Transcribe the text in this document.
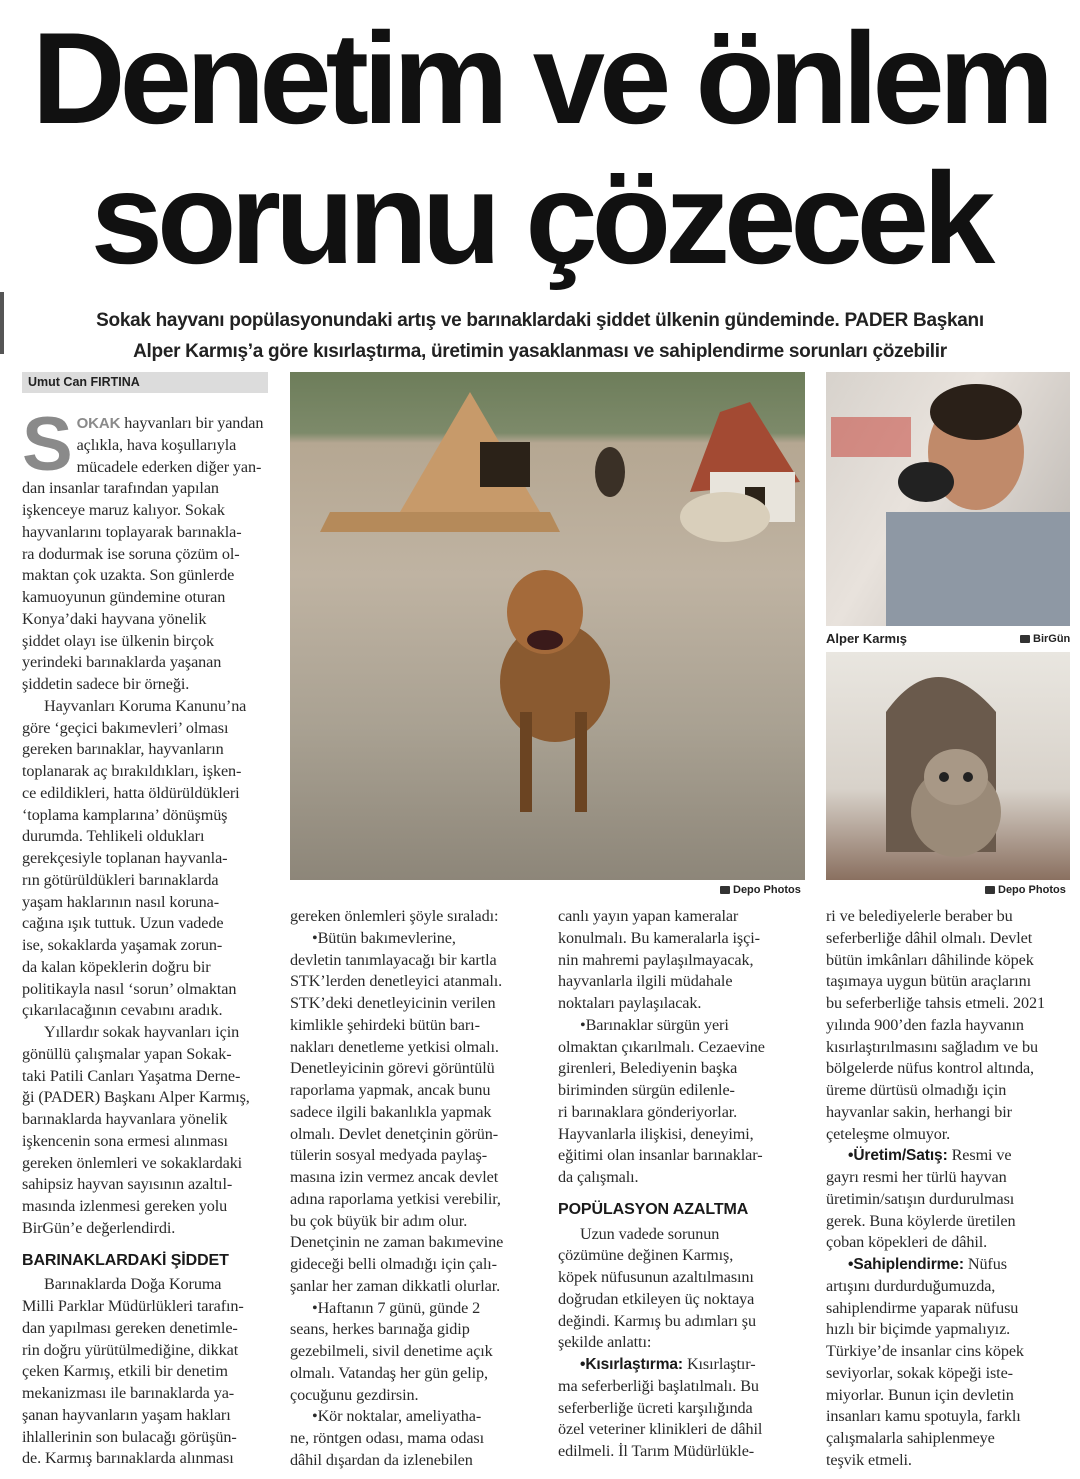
Denetim ve önlem
sorunu çözecek
Sokak hayvanı popülasyonundaki artış ve barınaklardaki şiddet ülkenin gündeminde. PADER Başkanı
Alper Karmış’a göre kısırlaştırma, üretimin yasaklanması ve sahiplendirme sorunları çözebilir
Umut Can FIRTINA
Depo Photos
Alper Karmış	BirGün
Depo Photos
S OKAK hayvanları bir yandan
açlıkla, hava koşullarıyla
mücadele ederken diğer yan-
dan insanlar tarafından yapılan
işkenceye maruz kalıyor. Sokak
hayvanlarını toplayarak barınakla-
ra dodurmak ise soruna çözüm ol-
maktan çok uzakta. Son günlerde
kamuoyunun gündemine oturan
Konya’daki hayvana yönelik
şiddet olayı ise ülkenin birçok
yerindeki barınaklarda yaşanan
şiddetin sadece bir örneği.
Hayvanları Koruma Kanunu’na
göre ‘geçici bakımevleri’ olması
gereken barınaklar, hayvanların
toplanarak aç bırakıldıkları, işken-
ce edildikleri, hatta öldürüldükleri
‘toplama kamplarına’ dönüşmüş
durumda. Tehlikeli oldukları
gerekçesiyle toplanan hayvanla-
rın götürüldükleri barınaklarda
yaşam haklarının nasıl koruna-
cağına ışık tuttuk. Uzun vadede
ise, sokaklarda yaşamak zorun-
da kalan köpeklerin doğru bir
politikayla nasıl ‘sorun’ olmaktan
çıkarılacağının cevabını aradık.
Yıllardır sokak hayvanları için
gönüllü çalışmalar yapan Sokak-
taki Patili Canları Yaşatma Derne-
ği (PADER) Başkanı Alper Karmış,
barınaklarda hayvanlara yönelik
işkencenin sona ermesi alınması
gereken önlemleri ve sokaklardaki
sahipsiz hayvan sayısının azaltıl-
masında izlenmesi gereken yolu
BirGün’e değerlendirdi.
BARINAKLARDAKİ ŞİDDET
Barınaklarda Doğa Koruma
Milli Parklar Müdürlükleri tarafın-
dan yapılması gereken denetimle-
rin doğru yürütülmediğine, dikkat
çeken Karmış, etkili bir denetim
mekanizması ile barınaklarda ya-
şanan hayvanların yaşam hakları
ihlallerinin son bulacağı görüşün-
de. Karmış barınaklarda alınması
gereken önlemleri şöyle sıraladı:
•Bütün bakımevlerine,
devletin tanımlayacağı bir kartla
STK’lerden denetleyici atanmalı.
STK’deki denetleyicinin verilen
kimlikle şehirdeki bütün barı-
nakları denetleme yetkisi olmalı.
Denetleyicinin görevi görüntülü
raporlama yapmak, ancak bunu
sadece ilgili bakanlıkla yapmak
olmalı. Devlet denetçinin görün-
tülerin sosyal medyada paylaş-
masına izin vermez ancak devlet
adına raporlama yetkisi verebilir,
bu çok büyük bir adım olur.
Denetçinin ne zaman bakımevine
gideceği belli olmadığı için çalı-
şanlar her zaman dikkatli olurlar.
•Haftanın 7 günü, günde 2
seans, herkes barınağa gidip
gezebilmeli, sivil denetime açık
olmalı. Vatandaş her gün gelip,
çocuğunu gezdirsin.
•Kör noktalar, ameliyatha-
ne, röntgen odası, mama odası
dâhil dışardan da izlenebilen
canlı yayın yapan kameralar
konulmalı. Bu kameralarla işçi-
nin mahremi paylaşılmayacak,
hayvanlarla ilgili müdahale
noktaları paylaşılacak.
•Barınaklar sürgün yeri
olmaktan çıkarılmalı. Cezaevine
girenleri, Belediyenin başka
biriminden sürgün edilenle-
ri barınaklara gönderiyorlar.
Hayvanlarla ilişkisi, deneyimi,
eğitimi olan insanlar barınaklar-
da çalışmalı.
POPÜLASYON AZALTMA
Uzun vadede sorunun
çözümüne değinen Karmış,
köpek nüfusunun azaltılmasını
doğrudan etkileyen üç noktaya
değindi. Karmış bu adımları şu
şekilde anlattı:
•Kısırlaştırma: Kısırlaştır-
ma seferberliği başlatılmalı. Bu
seferberliğe ücreti karşılığında
özel veteriner klinikleri de dâhil
edilmeli. İl Tarım Müdürlükle-
ri ve belediyelerle beraber bu
seferberliğe dâhil olmalı. Devlet
bütün imkânları dâhilinde köpek
taşımaya uygun bütün araçlarını
bu seferberliğe tahsis etmeli. 2021
yılında 900’den fazla hayvanın
kısırlaştırılmasını sağladım ve bu
bölgelerde nüfus kontrol altında,
üreme dürtüsü olmadığı için
hayvanlar sakin, herhangi bir
çeteleşme olmuyor.
•Üretim/Satış: Resmi ve
gayrı resmi her türlü hayvan
üretimin/satışın durdurulması
gerek. Buna köylerde üretilen
çoban köpekleri de dâhil.
•Sahiplendirme: Nüfus
artışını durdurduğumuzda,
sahiplendirme yaparak nüfusu
hızlı bir biçimde yapmalıyız.
Türkiye’de insanlar cins köpek
seviyorlar, sokak köpeği iste-
miyorlar. Bunun için devletin
insanları kamu spotuyla, farklı
çalışmalarla sahiplenmeye
teşvik etmeli.
